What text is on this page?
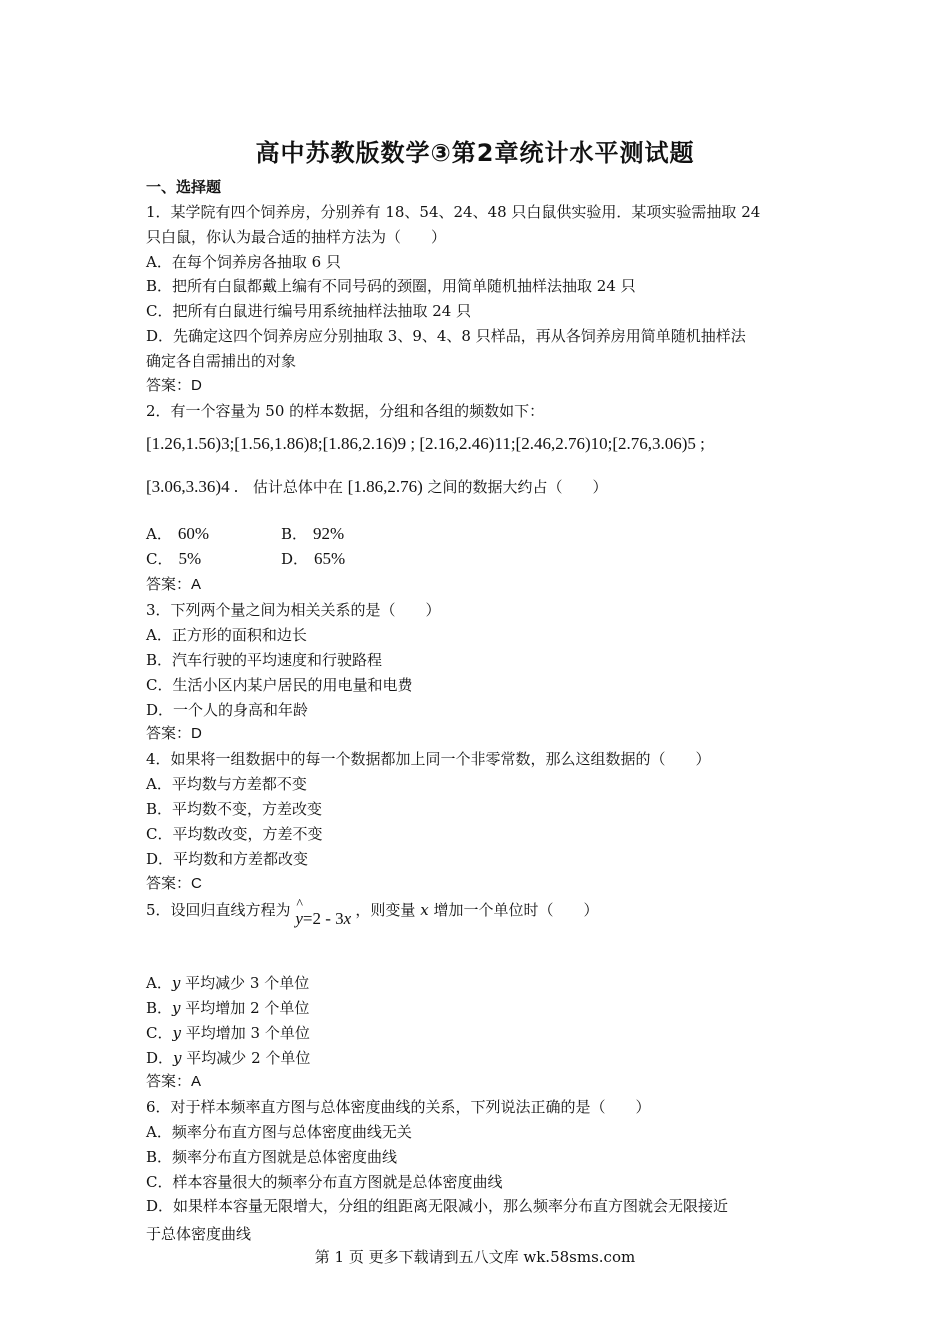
高中苏教版数学③第2章统计水平测试题
一、选择题
1．某学院有四个饲养房，分别养有 18、54、24、48 只白鼠供实验用．某项实验需抽取 24
只白鼠，你认为最合适的抽样方法为（　　）
A．在每个饲养房各抽取 6 只
B．把所有白鼠都戴上编有不同号码的颈圈，用简单随机抽样法抽取 24 只
C．把所有白鼠进行编号用系统抽样法抽取 24 只
D．先确定这四个饲养房应分别抽取 3、9、4、8 只样品，再从各饲养房用简单随机抽样法
确定各自需捕出的对象
答案：D
2．有一个容量为 50 的样本数据，分组和各组的频数如下：
[1.26,1.56)3;[1.56,1.86)8;[1.86,2.16)9 ; [2.16,2.46)11;[2.46,2.76)10;[2.76,3.06)5 ;
[3.06,3.36)4 . 估计总体中在 [1.86,2.76) 之间的数据大约占（　　）
A． 60%	B． 92%
C． 5%	D． 65%
答案：A
3．下列两个量之间为相关关系的是（　　）
A．正方形的面积和边长
B．汽车行驶的平均速度和行驶路程
C．生活小区内某户居民的用电量和电费
D．一个人的身高和年龄
答案：D
4．如果将一组数据中的每一个数据都加上同一个非零常数，那么这组数据的（　　）
A．平均数与方差都不变
B．平均数不变，方差改变
C．平均数改变，方差不变
D．平均数和方差都改变
答案：C
5．设回归直线方程为 ^
y=2 - 3x ，则变量 x 增加一个单位时（　　）
A．y 平均减少 3 个单位
B．y 平均增加 2 个单位
C．y 平均增加 3 个单位
D．y 平均减少 2 个单位
答案：A
6．对于样本频率直方图与总体密度曲线的关系，下列说法正确的是（　　）
A．频率分布直方图与总体密度曲线无关
B．频率分布直方图就是总体密度曲线
C．样本容量很大的频率分布直方图就是总体密度曲线
D．如果样本容量无限增大，分组的组距离无限减小，那么频率分布直方图就会无限接近
于总体密度曲线
第 1 页 更多下载请到五八文库 wk.58sms.com
